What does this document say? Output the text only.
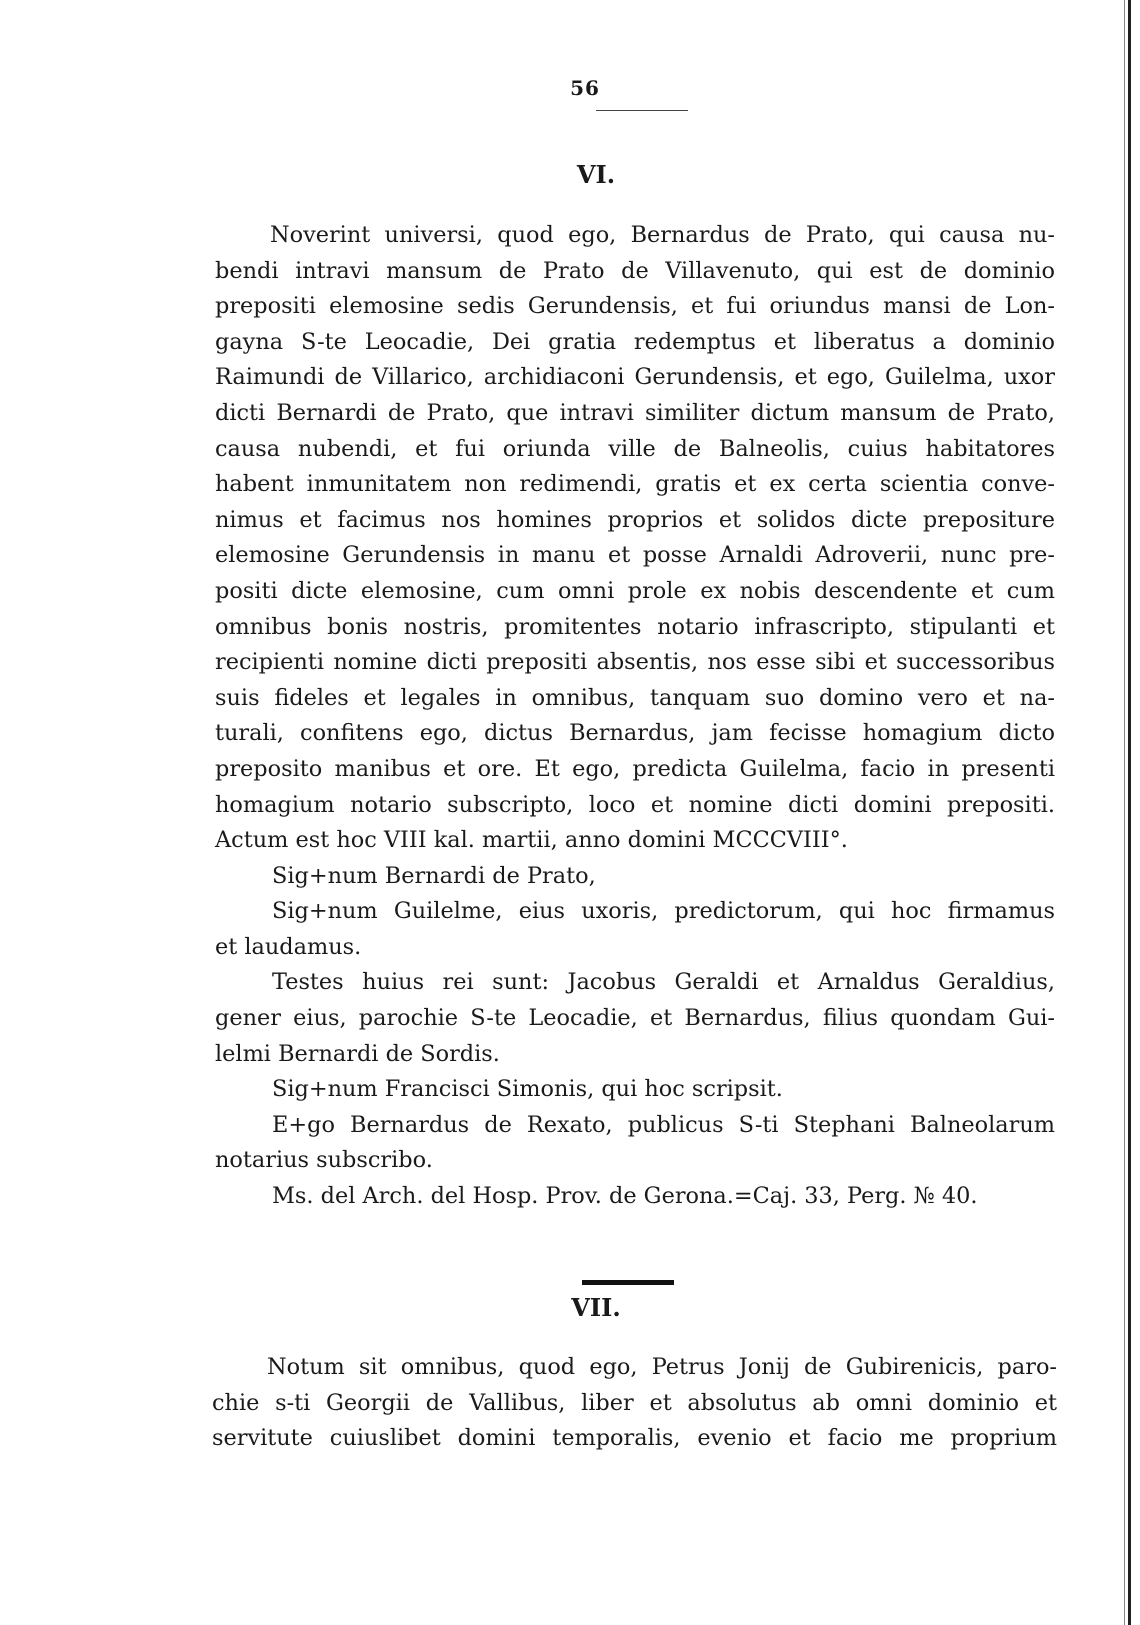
56
VI.
Noverint universi, quod ego, Bernardus de Prato, qui causa nu-
bendi intravi mansum de Prato de Villavenuto, qui est de dominio
prepositi elemosine sedis Gerundensis, et fui oriundus mansi de Lon-
gayna S-te Leocadie, Dei gratia redemptus et liberatus a dominio
Raimundi de Villarico, archidiaconi Gerundensis, et ego, Guilelma, uxor
dicti Bernardi de Prato, que intravi similiter dictum mansum de Prato,
causa nubendi, et fui oriunda ville de Balneolis, cuius habitatores
habent inmunitatem non redimendi, gratis et ex certa scientia conve-
nimus et facimus nos homines proprios et solidos dicte prepositure
elemosine Gerundensis in manu et posse Arnaldi Adroverii, nunc pre-
positi dicte elemosine, cum omni prole ex nobis descendente et cum
omnibus bonis nostris, promitentes notario infrascripto, stipulanti et
recipienti nomine dicti prepositi absentis, nos esse sibi et successoribus
suis fideles et legales in omnibus, tanquam suo domino vero et na-
turali, confitens ego, dictus Bernardus, jam fecisse homagium dicto
preposito manibus et ore. Et ego, predicta Guilelma, facio in presenti
homagium notario subscripto, loco et nomine dicti domini prepositi.
Actum est hoc VIII kal. martii, anno domini MCCCVIII°.
Sig+num Bernardi de Prato,
Sig+num Guilelme, eius uxoris, predictorum, qui hoc firmamus
et laudamus.
Testes huius rei sunt: Jacobus Geraldi et Arnaldus Geraldius,
gener eius, parochie S-te Leocadie, et Bernardus, filius quondam Gui-
lelmi Bernardi de Sordis.
Sig+num Francisci Simonis, qui hoc scripsit.
E+go Bernardus de Rexato, publicus S-ti Stephani Balneolarum
notarius subscribo.
Ms. del Arch. del Hosp. Prov. de Gerona.=Caj. 33, Perg. № 40.
VII.
Notum sit omnibus, quod ego, Petrus Jonij de Gubirenicis, paro-
chie s-ti Georgii de Vallibus, liber et absolutus ab omni dominio et
servitute cuiuslibet domini temporalis, evenio et facio me proprium
